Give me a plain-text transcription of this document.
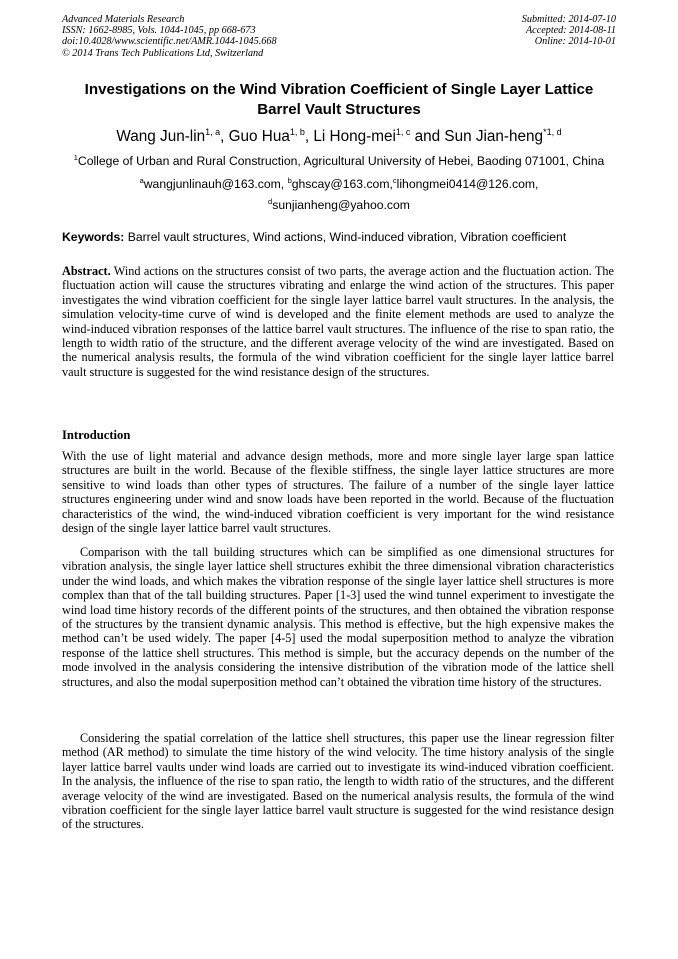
Advanced Materials Research
ISSN: 1662-8985, Vols. 1044-1045, pp 668-673
doi:10.4028/www.scientific.net/AMR.1044-1045.668
© 2014 Trans Tech Publications Ltd, Switzerland
Submitted: 2014-07-10
Accepted: 2014-08-11
Online: 2014-10-01
Investigations on the Wind Vibration Coefficient of Single Layer Lattice
Barrel Vault Structures
Wang Jun-lin$^{1, a}$, Guo Hua$^{1, b}$, Li Hong-mei$^{1, c}$ and Sun Jian-heng$^{*1, d}$
$^1$College of Urban and Rural Construction, Agricultural University of Hebei, Baoding 071001, China
$^a$wangjunlinauh@163.com, $^b$ghscay@163.com,$^c$lihongmei0414@126.com,
$^d$sunjianheng@yahoo.com
Keywords: Barrel vault structures, Wind actions, Wind-induced vibration, Vibration coefficient
Abstract. Wind actions on the structures consist of two parts, the average action and the fluctuation action. The fluctuation action will cause the structures vibrating and enlarge the wind action of the structures. This paper investigates the wind vibration coefficient for the single layer lattice barrel vault structures. In the analysis, the simulation velocity-time curve of wind is developed and the finite element methods are used to analyze the wind-induced vibration responses of the lattice barrel vault structures. The influence of the rise to span ratio, the length to width ratio of the structure, and the different average velocity of the wind are investigated. Based on the numerical analysis results, the formula of the wind vibration coefficient for the single layer lattice barrel vault structure is suggested for the wind resistance design of the structures.
Introduction
With the use of light material and advance design methods, more and more single layer large span lattice structures are built in the world. Because of the flexible stiffness, the single layer lattice structures are more sensitive to wind loads than other types of structures. The failure of a number of the single layer lattice structures engineering under wind and snow loads have been reported in the world. Because of the fluctuation characteristics of the wind, the wind-induced vibration coefficient is very important for the wind resistance design of the single layer lattice barrel vault structures.
Comparison with the tall building structures which can be simplified as one dimensional structures for vibration analysis, the single layer lattice shell structures exhibit the three dimensional vibration characteristics under the wind loads, and which makes the vibration response of the single layer lattice shell structures is more complex than that of the tall building structures. Paper [1-3] used the wind tunnel experiment to investigate the wind load time history records of the different points of the structures, and then obtained the vibration response of the structures by the transient dynamic analysis. This method is effective, but the high expensive makes the method can’t be used widely. The paper [4-5] used the modal superposition method to analyze the vibration response of the lattice shell structures. This method is simple, but the accuracy depends on the number of the mode involved in the analysis considering the intensive distribution of the vibration mode of the lattice shell structures, and also the modal superposition method can’t obtained the vibration time history of the structures.
Considering the spatial correlation of the lattice shell structures, this paper use the linear regression filter method (AR method) to simulate the time history of the wind velocity. The time history analysis of the single layer lattice barrel vaults under wind loads are carried out to investigate its wind-induced vibration coefficient. In the analysis, the influence of the rise to span ratio, the length to width ratio of the structures, and the different average velocity of the wind are investigated. Based on the numerical analysis results, the formula of the wind vibration coefficient for the single layer lattice barrel vault structure is suggested for the wind resistance design of the structures.
